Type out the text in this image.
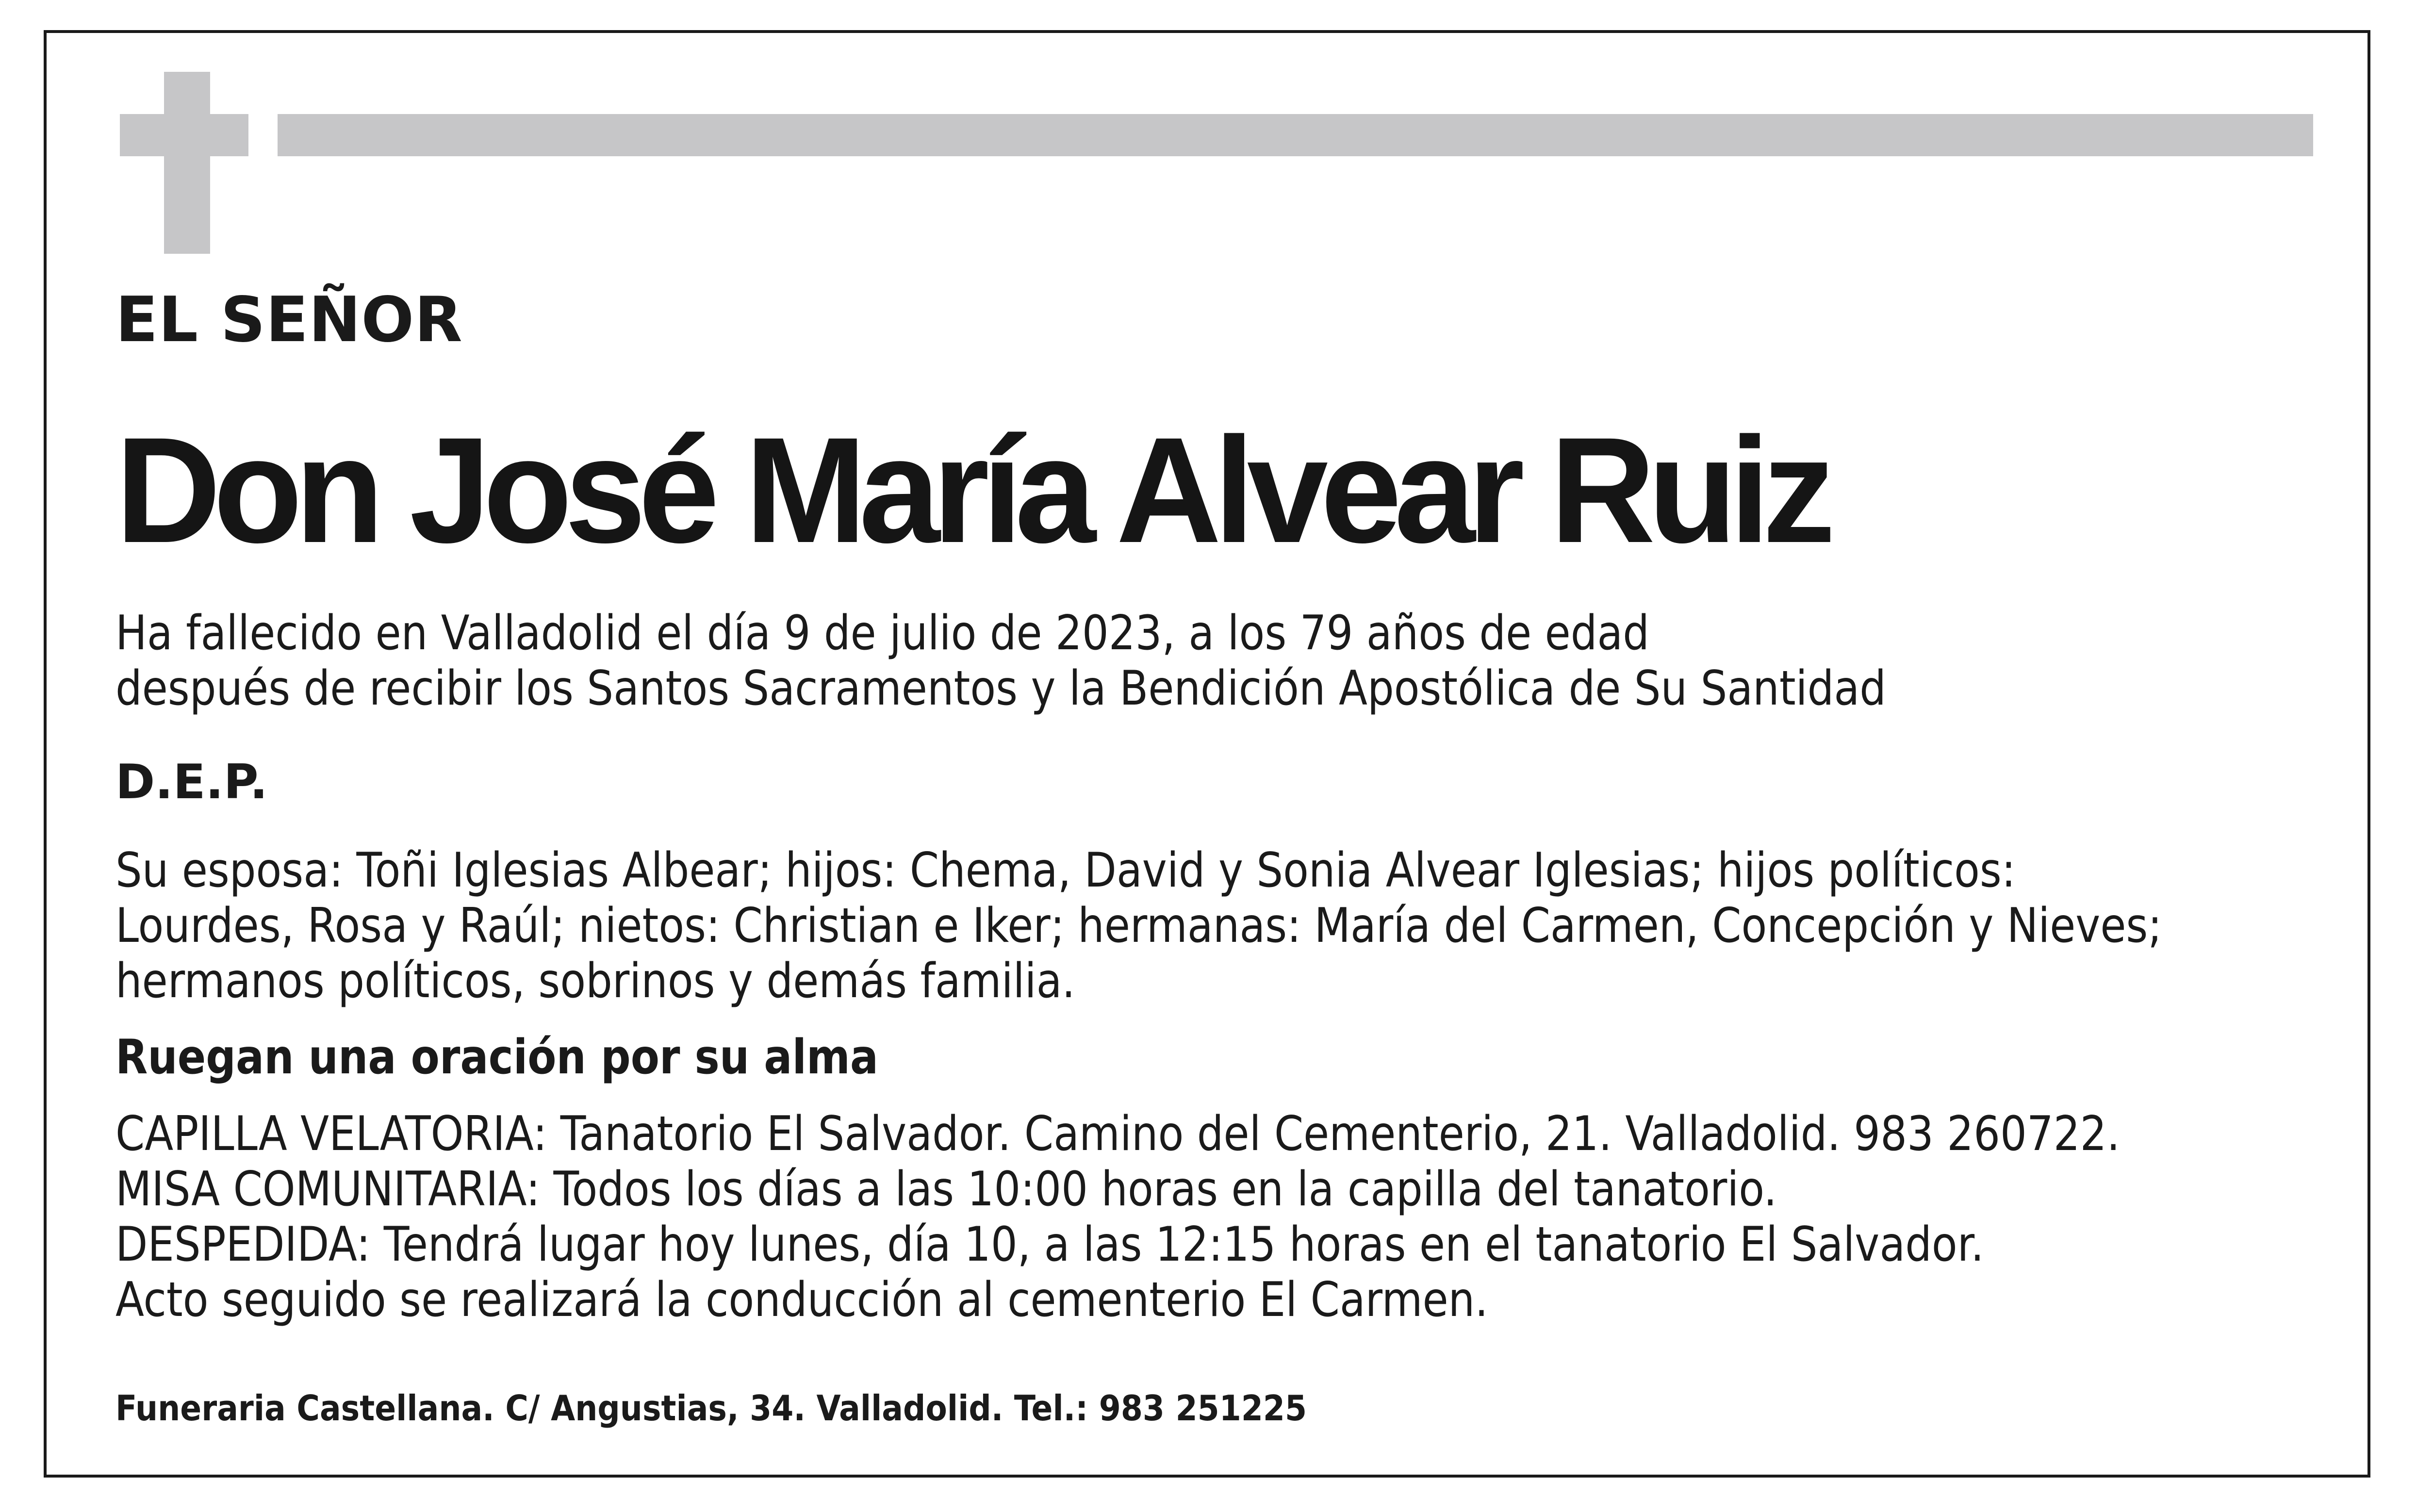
EL SEÑOR

Don José María Alvear Ruiz

Ha fallecido en Valladolid el día 9 de julio de 2023, a los 79 años de edad

después de recibir los Santos Sacramentos y la Bendición Apostólica de Su Santidad

D.E.P.

Su esposa: Toñi Iglesias Albear; hijos: Chema, David y Sonia Alvear Iglesias; hijos políticos:

Lourdes, Rosa y Raúl; nietos: Christian e Iker; hermanas: María del Carmen, Concepción y Nieves;

hermanos políticos, sobrinos y demás familia.

Ruegan una oración por su alma

CAPILLA VELATORIA: Tanatorio El Salvador. Camino del Cementerio, 21. Valladolid. 983 260722.

MISA COMUNITARIA: Todos los días a las 10:00 horas en la capilla del tanatorio.

DESPEDIDA: Tendrá lugar hoy lunes, día 10, a las 12:15 horas en el tanatorio El Salvador.

Acto seguido se realizará la conducción al cementerio El Carmen.

Funeraria Castellana. C/ Angustias, 34. Valladolid. Tel.: 983 251225
